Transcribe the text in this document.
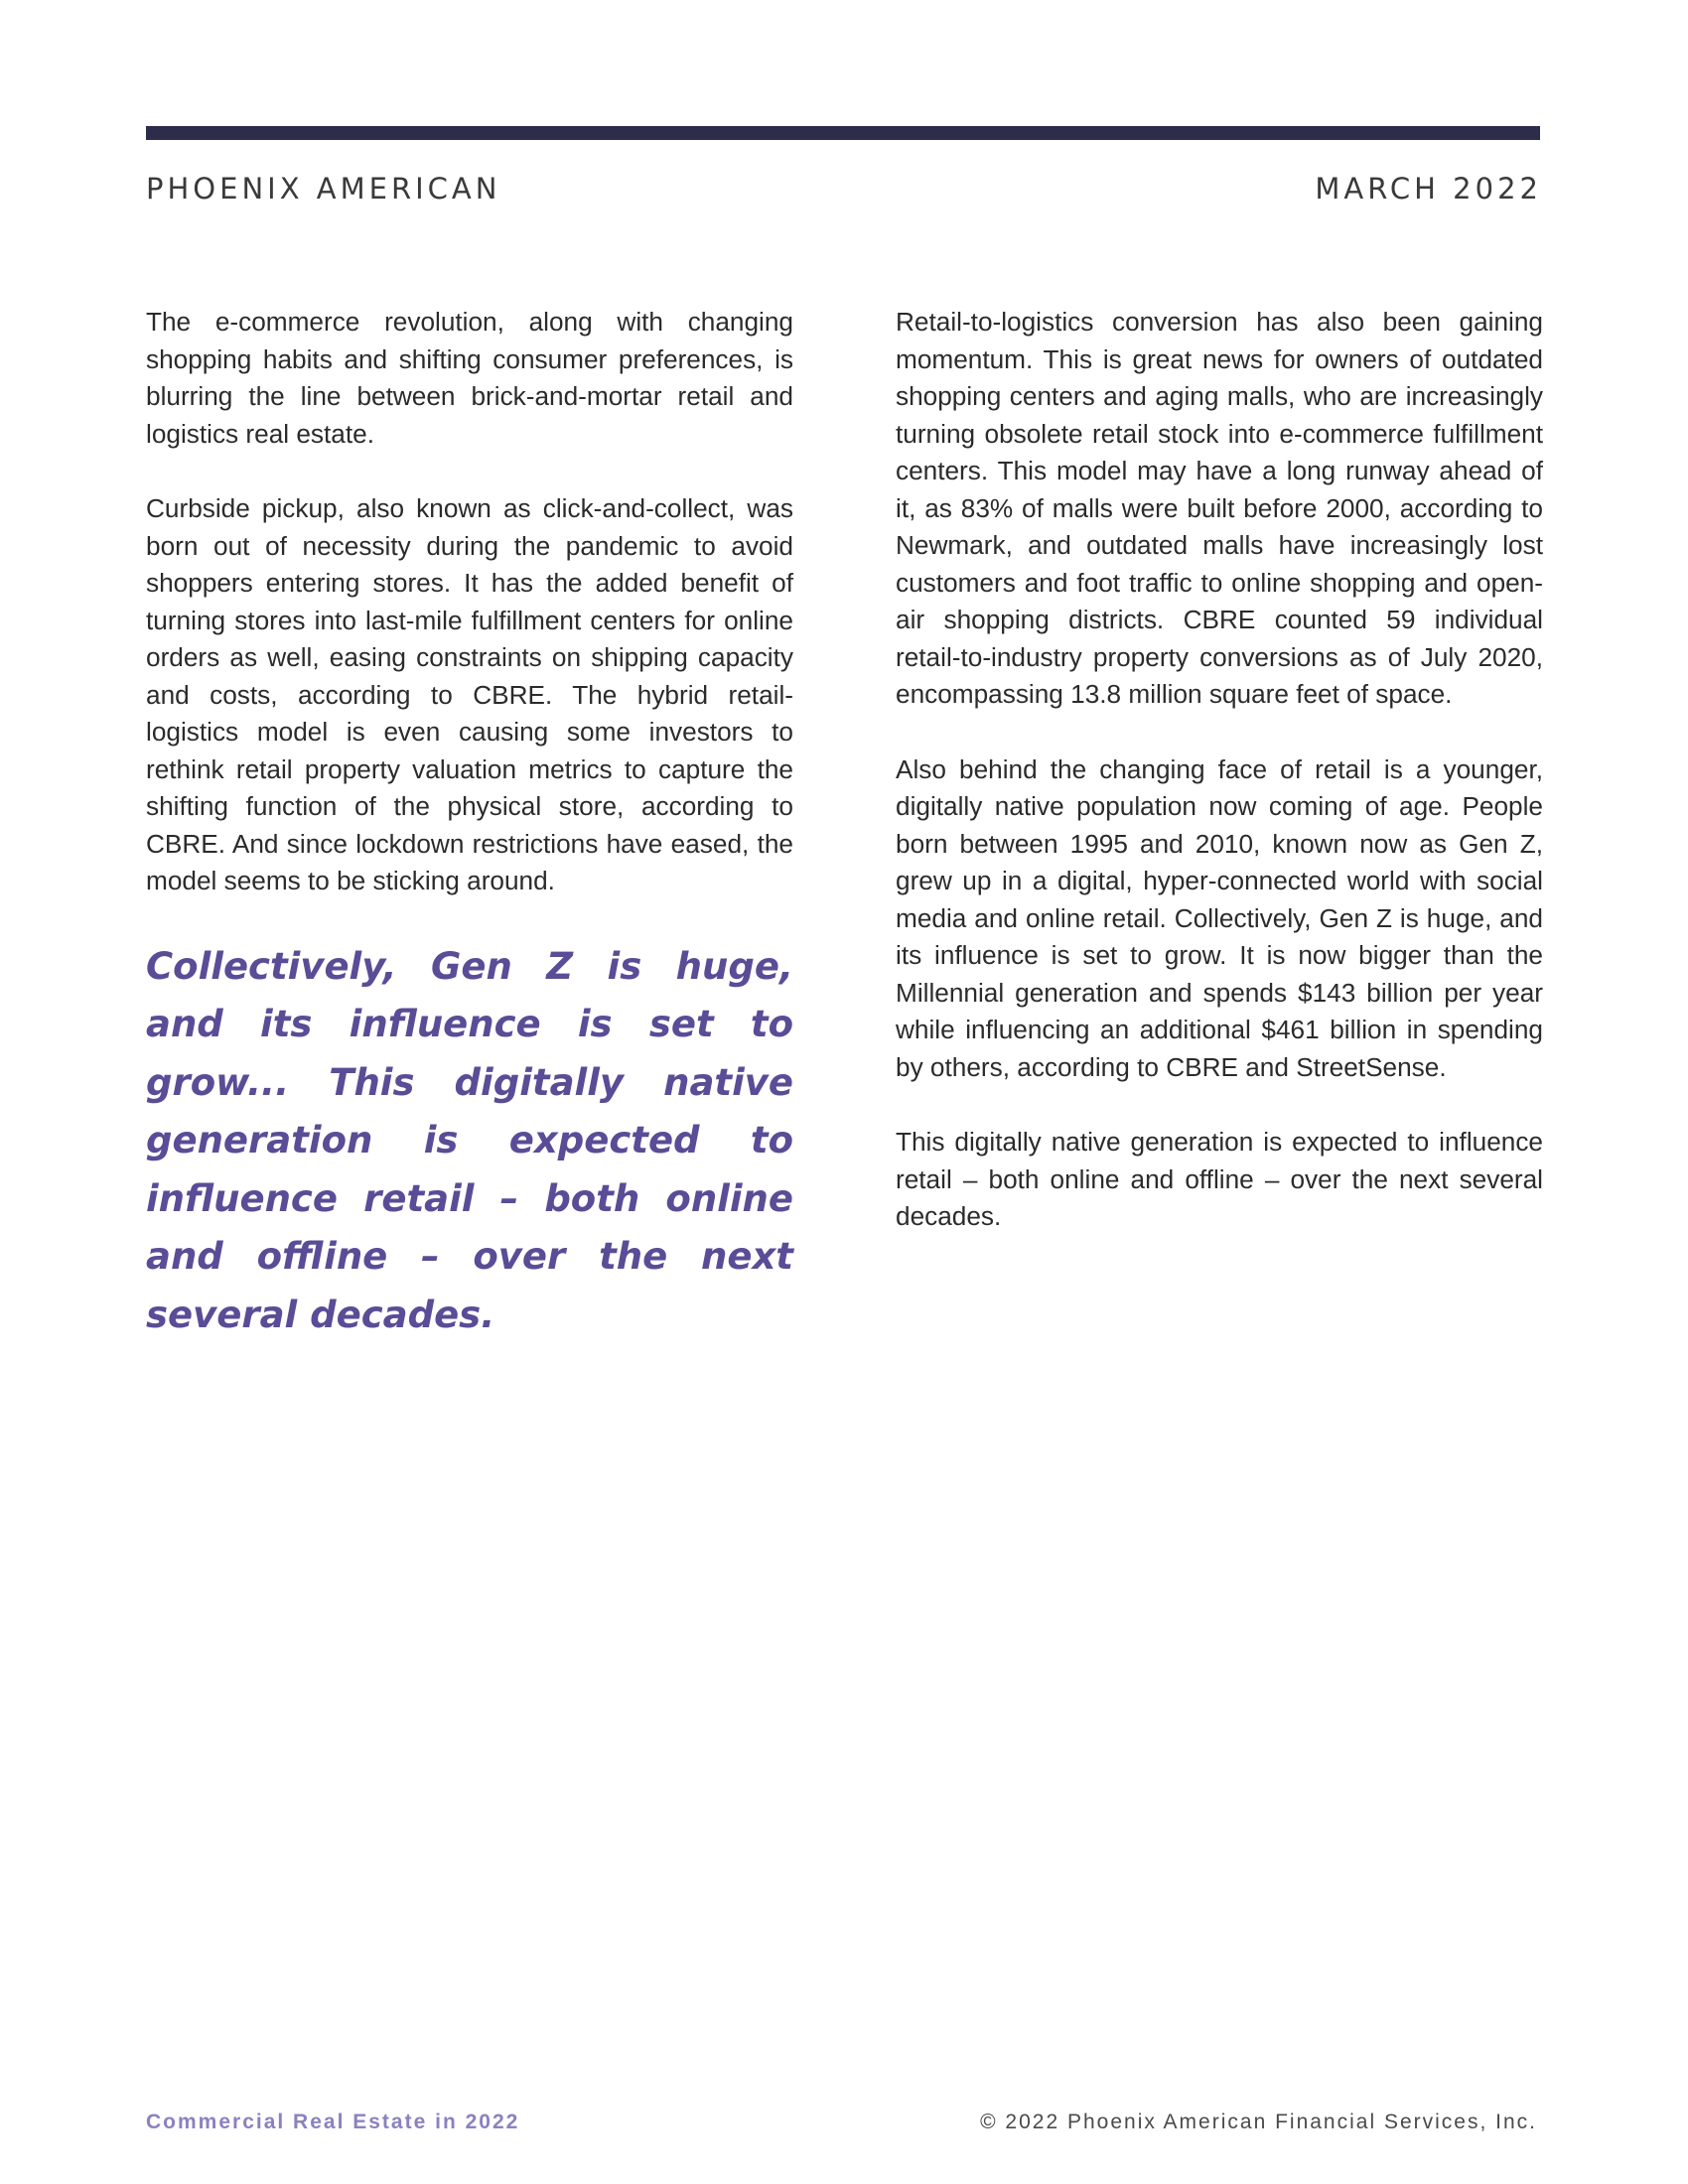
PHOENIX AMERICAN	MARCH 2022

The e-commerce revolution, along with changing shopping habits and shifting consumer preferences, is blurring the line between brick-and-mortar retail and logistics real estate.

Curbside pickup, also known as click-and-collect, was born out of necessity during the pandemic to avoid shoppers entering stores. It has the added benefit of turning stores into last-mile fulfillment centers for online orders as well, easing constraints on shipping capacity and costs, according to CBRE. The hybrid retail-logistics model is even causing some investors to rethink retail property valuation metrics to capture the shifting function of the physical store, according to CBRE. And since lockdown restrictions have eased, the model seems to be sticking around.

Collectively, Gen Z is huge, and its influence is set to grow... This digitally native generation is expected to influence retail – both online and offline – over the next several decades.

Retail-to-logistics conversion has also been gaining momentum. This is great news for owners of outdated shopping centers and aging malls, who are increasingly turning obsolete retail stock into e-commerce fulfillment centers. This model may have a long runway ahead of it, as 83% of malls were built before 2000, according to Newmark, and outdated malls have increasingly lost customers and foot traffic to online shopping and open-air shopping districts. CBRE counted 59 individual retail-to-industry property conversions as of July 2020, encompassing 13.8 million square feet of space.

Also behind the changing face of retail is a younger, digitally native population now coming of age. People born between 1995 and 2010, known now as Gen Z, grew up in a digital, hyper-connected world with social media and online retail. Collectively, Gen Z is huge, and its influence is set to grow. It is now bigger than the Millennial generation and spends $143 billion per year while influencing an additional $461 billion in spending by others, according to CBRE and StreetSense.

This digitally native generation is expected to influence retail – both online and offline – over the next several decades.

Commercial Real Estate in 2022	© 2022 Phoenix American Financial Services, Inc.
